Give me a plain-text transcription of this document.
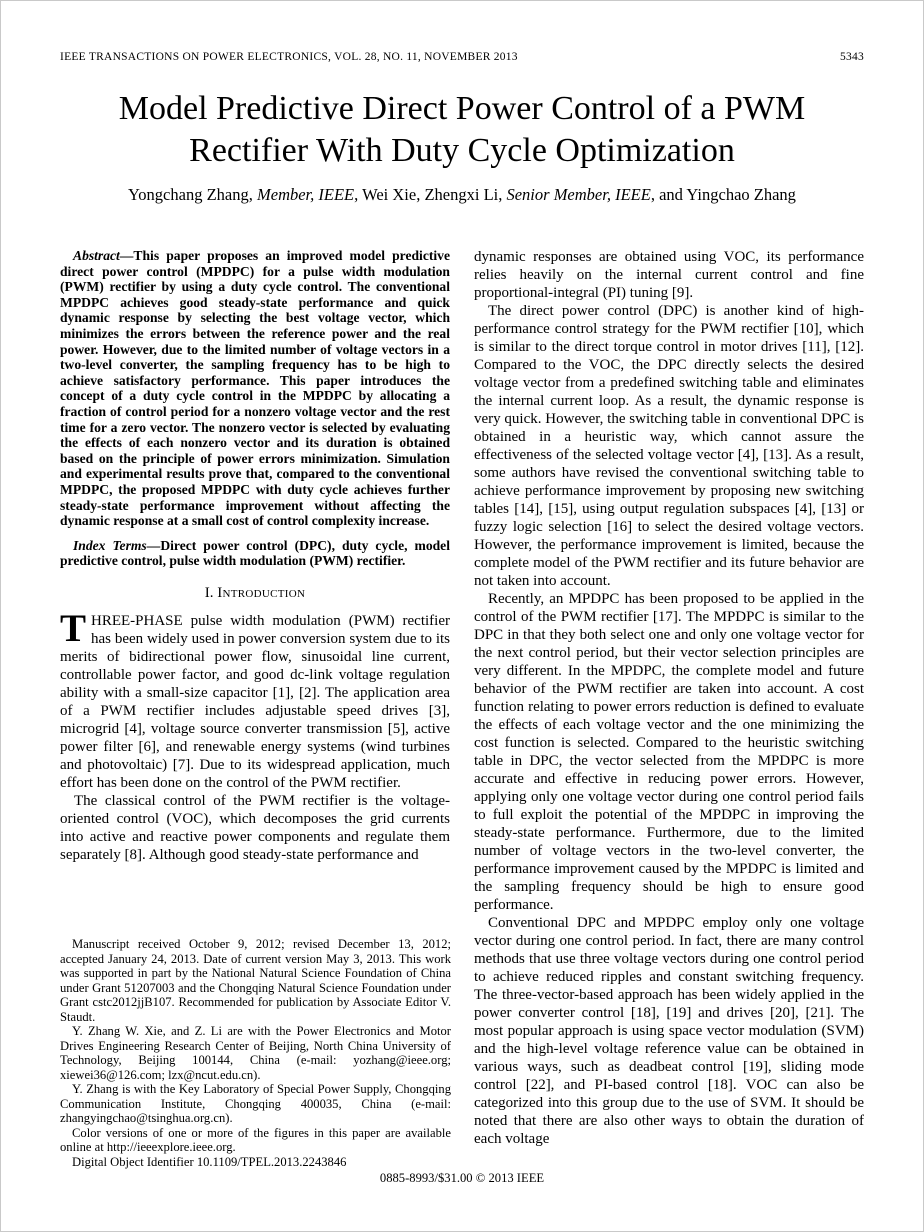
IEEE TRANSACTIONS ON POWER ELECTRONICS, VOL. 28, NO. 11, NOVEMBER 2013	5343
Model Predictive Direct Power Control of a PWM
Rectifier With Duty Cycle Optimization
Yongchang Zhang, Member, IEEE, Wei Xie, Zhengxi Li, Senior Member, IEEE, and Yingchao Zhang

Abstract—This paper proposes an improved model predictive direct power control (MPDPC) for a pulse width modulation (PWM) rectifier by using a duty cycle control. The conventional MPDPC achieves good steady-state performance and quick dynamic response by selecting the best voltage vector, which minimizes the errors between the reference power and the real power. However, due to the limited number of voltage vectors in a two-level converter, the sampling frequency has to be high to achieve satisfactory performance. This paper introduces the concept of a duty cycle control in the MPDPC by allocating a fraction of control period for a nonzero voltage vector and the rest time for a zero vector. The nonzero vector is selected by evaluating the effects of each nonzero vector and its duration is obtained based on the principle of power errors minimization. Simulation and experimental results prove that, compared to the conventional MPDPC, the proposed MPDPC with duty cycle achieves further steady-state performance improvement without affecting the dynamic response at a small cost of control complexity increase.

Index Terms—Direct power control (DPC), duty cycle, model predictive control, pulse width modulation (PWM) rectifier.

I. Introduction

THREE-PHASE pulse width modulation (PWM) rectifier has been widely used in power conversion system due to its merits of bidirectional power flow, sinusoidal line current, controllable power factor, and good dc-link voltage regulation ability with a small-size capacitor [1], [2]. The application area of a PWM rectifier includes adjustable speed drives [3], microgrid [4], voltage source converter transmission [5], active power filter [6], and renewable energy systems (wind turbines and photovoltaic) [7]. Due to its widespread application, much effort has been done on the control of the PWM rectifier.

The classical control of the PWM rectifier is the voltage-oriented control (VOC), which decomposes the grid currents into active and reactive power components and regulate them separately [8]. Although good steady-state performance and

dynamic responses are obtained using VOC, its performance relies heavily on the internal current control and fine proportional-integral (PI) tuning [9].

The direct power control (DPC) is another kind of high-performance control strategy for the PWM rectifier [10], which is similar to the direct torque control in motor drives [11], [12]. Compared to the VOC, the DPC directly selects the desired voltage vector from a predefined switching table and eliminates the internal current loop. As a result, the dynamic response is very quick. However, the switching table in conventional DPC is obtained in a heuristic way, which cannot assure the effectiveness of the selected voltage vector [4], [13]. As a result, some authors have revised the conventional switching table to achieve performance improvement by proposing new switching tables [14], [15], using output regulation subspaces [4], [13] or fuzzy logic selection [16] to select the desired voltage vectors. However, the performance improvement is limited, because the complete model of the PWM rectifier and its future behavior are not taken into account.

Recently, an MPDPC has been proposed to be applied in the control of the PWM rectifier [17]. The MPDPC is similar to the DPC in that they both select one and only one voltage vector for the next control period, but their vector selection principles are very different. In the MPDPC, the complete model and future behavior of the PWM rectifier are taken into account. A cost function relating to power errors reduction is defined to evaluate the effects of each voltage vector and the one minimizing the cost function is selected. Compared to the heuristic switching table in DPC, the vector selected from the MPDPC is more accurate and effective in reducing power errors. However, applying only one voltage vector during one control period fails to full exploit the potential of the MPDPC in improving the steady-state performance. Furthermore, due to the limited number of voltage vectors in the two-level converter, the performance improvement caused by the MPDPC is limited and the sampling frequency should be high to ensure good performance.

Conventional DPC and MPDPC employ only one voltage vector during one control period. In fact, there are many control methods that use three voltage vectors during one control period to achieve reduced ripples and constant switching frequency. The three-vector-based approach has been widely applied in the power converter control [18], [19] and drives [20], [21]. The most popular approach is using space vector modulation (SVM) and the high-level voltage reference value can be obtained in various ways, such as deadbeat control [19], sliding mode control [22], and PI-based control [18]. VOC can also be categorized into this group due to the use of SVM. It should be noted that there are also other ways to obtain the duration of each voltage

Manuscript received October 9, 2012; revised December 13, 2012; accepted January 24, 2013. Date of current version May 3, 2013. This work was supported in part by the National Natural Science Foundation of China under Grant 51207003 and the Chongqing Natural Science Foundation under Grant cstc2012jjB107. Recommended for publication by Associate Editor V. Staudt.

Y. Zhang W. Xie, and Z. Li are with the Power Electronics and Motor Drives Engineering Research Center of Beijing, North China University of Technology, Beijing 100144, China (e-mail: yozhang@ieee.org; xiewei36@126.com; lzx@ncut.edu.cn).

Y. Zhang is with the Key Laboratory of Special Power Supply, Chongqing Communication Institute, Chongqing 400035, China (e-mail: zhangyingchao@tsinghua.org.cn).

Color versions of one or more of the figures in this paper are available online at http://ieeexplore.ieee.org.

Digital Object Identifier 10.1109/TPEL.2013.2243846

0885-8993/$31.00 © 2013 IEEE
